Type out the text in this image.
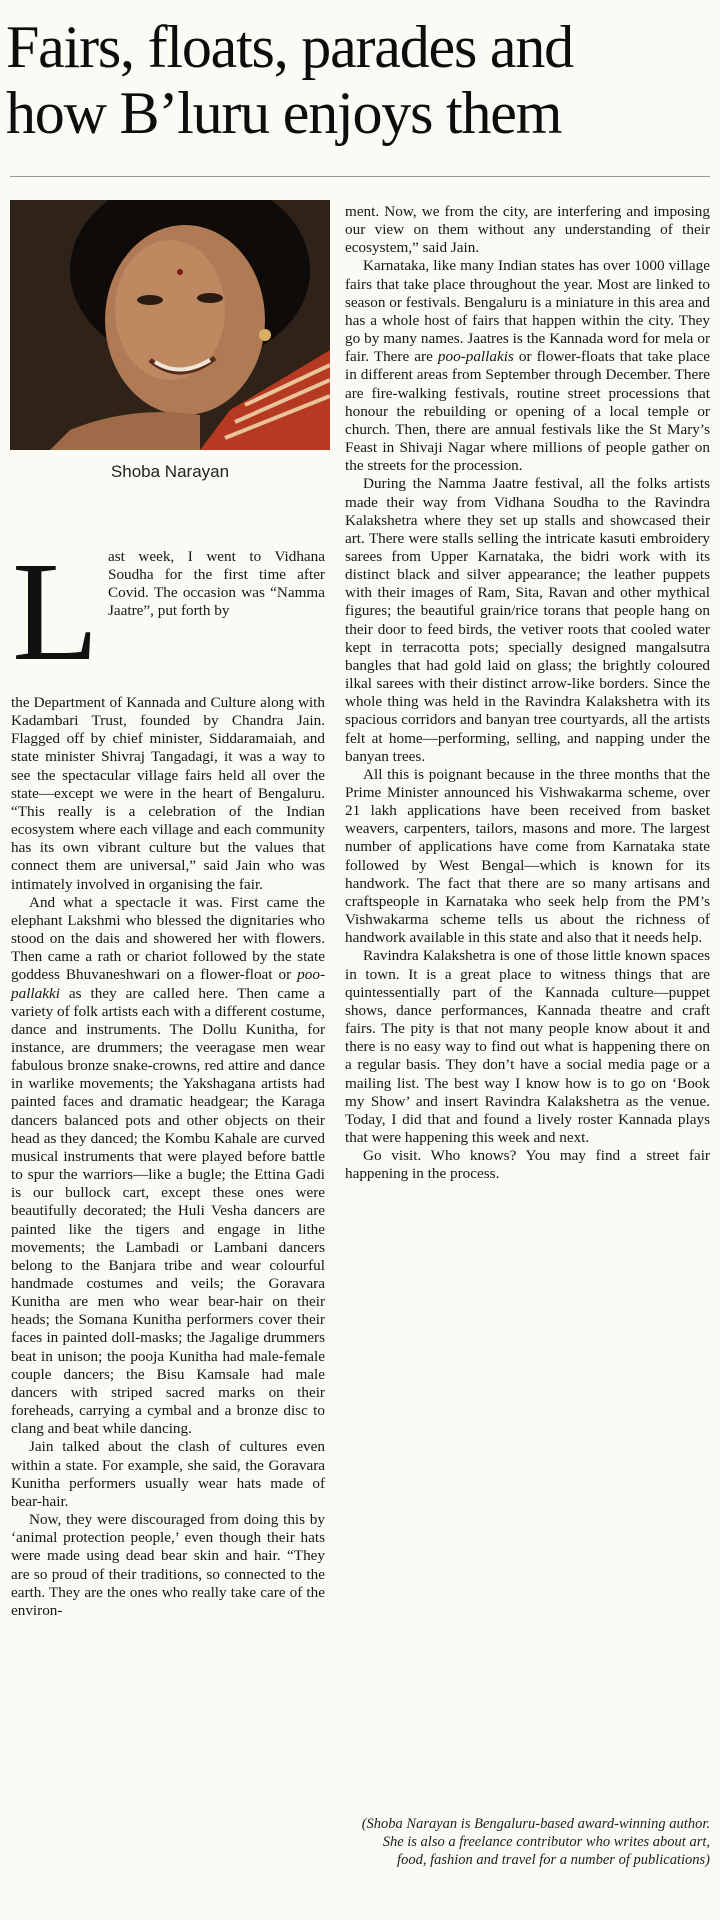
Fairs, floats, parades and
how B’luru enjoys them
Shoba Narayan
L ast week, I went to Vidhana Soudha for the first time after Covid. The occasion was “Namma Jaatre”, put forth by

the Department of Kannada and Culture along with Kadambari Trust, founded by Chandra Jain. Flagged off by chief minister, Siddaramaiah, and state minister Shivraj Tangadagi, it was a way to see the spectacular village fairs held all over the state—except we were in the heart of Bengaluru. “This really is a celebration of the Indian ecosystem where each village and each community has its own vibrant culture but the values that connect them are universal,” said Jain who was intimately involved in organising the fair.

And what a spectacle it was. First came the elephant Lakshmi who blessed the dignitaries who stood on the dais and showered her with flowers. Then came a rath or chariot followed by the state goddess Bhuvaneshwari on a flower-float or poo-pallakki as they are called here. Then came a variety of folk artists each with a different costume, dance and instruments. The Dollu Kunitha, for instance, are drummers; the veeragase men wear fabulous bronze snake-crowns, red attire and dance in warlike movements; the Yakshagana artists had painted faces and dramatic headgear; the Karaga dancers balanced pots and other objects on their head as they danced; the Kombu Kahale are curved musical instruments that were played before battle to spur the warriors—like a bugle; the Ettina Gadi is our bullock cart, except these ones were beautifully decorated; the Huli Vesha dancers are painted like the tigers and engage in lithe movements; the Lambadi or Lambani dancers belong to the Banjara tribe and wear colourful handmade costumes and veils; the Goravara Kunitha are men who wear bear-hair on their heads; the Somana Kunitha performers cover their faces in painted doll-masks; the Jagalige drummers beat in unison; the pooja Kunitha had male-female couple dancers; the Bisu Kamsale had male dancers with striped sacred marks on their foreheads, carrying a cymbal and a bronze disc to clang and beat while dancing.

Jain talked about the clash of cultures even within a state. For example, she said, the Goravara Kunitha performers usually wear hats made of bear-hair.

Now, they were discouraged from doing this by ‘animal protection people,’ even though their hats were made using dead bear skin and hair. “They are so proud of their traditions, so connected to the earth. They are the ones who really take care of the environ-

ment. Now, we from the city, are interfering and imposing our view on them without any understanding of their ecosystem,” said Jain.

Karnataka, like many Indian states has over 1000 village fairs that take place throughout the year. Most are linked to season or festivals. Bengaluru is a miniature in this area and has a whole host of fairs that happen within the city. They go by many names. Jaatres is the Kannada word for mela or fair. There are poo-pallakis or flower-floats that take place in different areas from September through December. There are fire-walking festivals, routine street processions that honour the rebuilding or opening of a local temple or church. Then, there are annual festivals like the St Mary’s Feast in Shivaji Nagar where millions of people gather on the streets for the procession.

During the Namma Jaatre festival, all the folks artists made their way from Vidhana Soudha to the Ravindra Kalakshetra where they set up stalls and showcased their art. There were stalls selling the intricate kasuti embroidery sarees from Upper Karnataka, the bidri work with its distinct black and silver appearance; the leather puppets with their images of Ram, Sita, Ravan and other mythical figures; the beautiful grain/rice torans that people hang on their door to feed birds, the vetiver roots that cooled water kept in terracotta pots; specially designed mangalsutra bangles that had gold laid on glass; the brightly coloured ilkal sarees with their distinct arrow-like borders. Since the whole thing was held in the Ravindra Kalakshetra with its spacious corridors and banyan tree courtyards, all the artists felt at home—performing, selling, and napping under the banyan trees.

All this is poignant because in the three months that the Prime Minister announced his Vishwakarma scheme, over 21 lakh applications have been received from basket weavers, carpenters, tailors, masons and more. The largest number of applications have come from Karnataka state followed by West Bengal—which is known for its handwork. The fact that there are so many artisans and craftspeople in Karnataka who seek help from the PM’s Vishwakarma scheme tells us about the richness of handwork available in this state and also that it needs help.

Ravindra Kalakshetra is one of those little known spaces in town. It is a great place to witness things that are quintessentially part of the Kannada culture—puppet shows, dance performances, Kannada theatre and craft fairs. The pity is that not many people know about it and there is no easy way to find out what is happening there on a regular basis. They don’t have a social media page or a mailing list. The best way I know how is to go on ‘Book my Show’ and insert Ravindra Kalakshetra as the venue. Today, I did that and found a lively roster Kannada plays that were happening this week and next.

Go visit. Who knows? You may find a street fair happening in the process.

(Shoba Narayan is Bengaluru-based award-winning author. She is also a freelance contributor who writes about art, food, fashion and travel for a number of publications)
